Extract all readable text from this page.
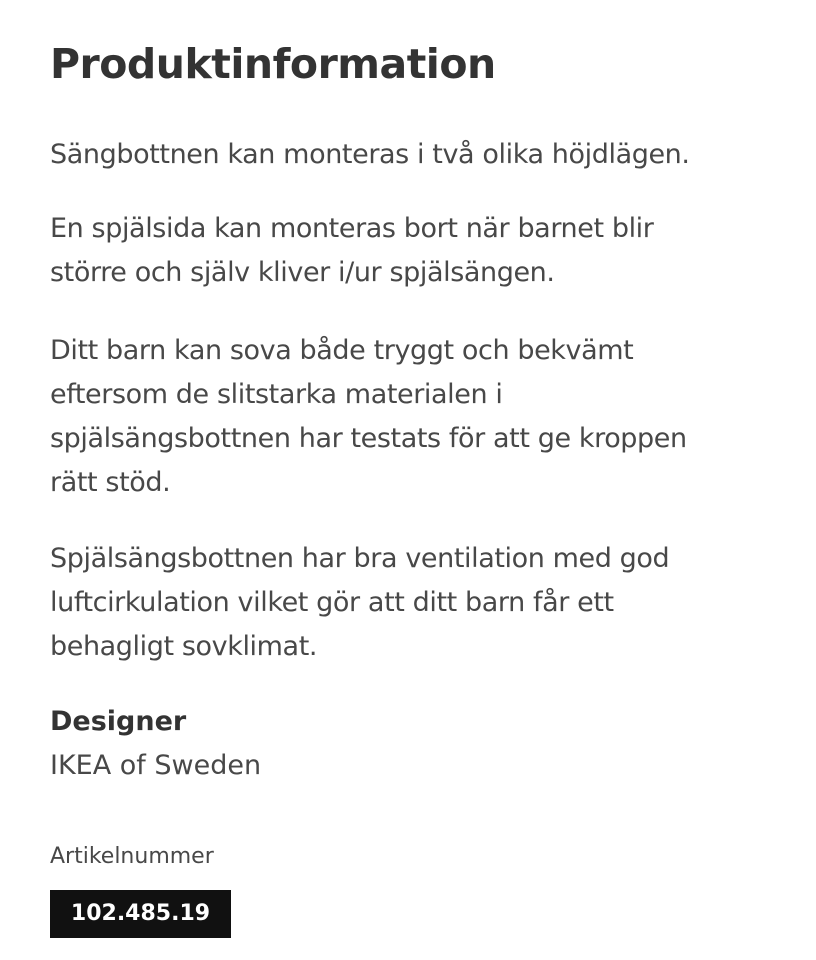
Produktinformation

Sängbottnen kan monteras i två olika höjdlägen.

En spjälsida kan monteras bort när barnet blir större och själv kliver i/ur spjälsängen.

Ditt barn kan sova både tryggt och bekvämt eftersom de slitstarka materialen i spjälsängsbottnen har testats för att ge kroppen rätt stöd.

Spjälsängsbottnen har bra ventilation med god luftcirkulation vilket gör att ditt barn får ett behagligt sovklimat.

Designer
IKEA of Sweden
Artikelnummer
102.485.19
